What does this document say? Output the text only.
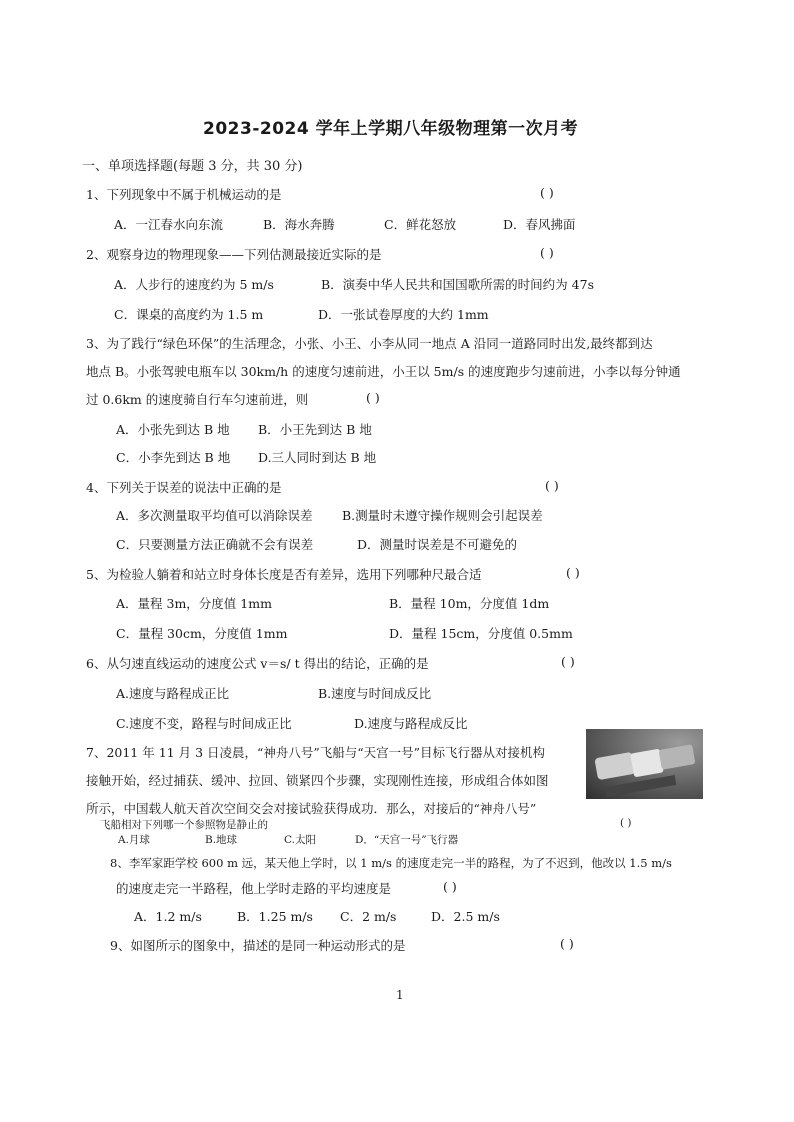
2023-2024 学年上学期八年级物理第一次月考
一、单项选择题(每题 3 分，共 30 分)
1、下列现象中不属于机械运动的是	( )
A．一江春水向东流	B．海水奔腾	C．鲜花怒放	D．春风拂面
2、观察身边的物理现象——下列估测最接近实际的是	( )
A．人步行的速度约为 5 m/s	B．演奏中华人民共和国国歌所需的时间约为 47s
C．课桌的高度约为 1.5 m	D．一张试卷厚度的大约 1mm
3、为了践行“绿色环保”的生活理念，小张、小王、小李从同一地点 A 沿同一道路同时出发,最终都到达
地点 B。小张驾驶电瓶车以 30km/h 的速度匀速前进，小王以 5m/s 的速度跑步匀速前进，小李以每分钟通
过 0.6km 的速度骑自行车匀速前进，则	( )
A．小张先到达 B 地 B．小王先到达 B 地
C．小李先到达 B 地 D.三人同时到达 B 地
4、下列关于误差的说法中正确的是	( )
A．多次测量取平均值可以消除误差 B.测量时未遵守操作规则会引起误差
C．只要测量方法正确就不会有误差	D．测量时误差是不可避免的
5、为检验人躺着和站立时身体长度是否有差异，选用下列哪种尺最合适	( )
A．量程 3m，分度值 1mm	B．量程 10m，分度值 1dm
C．量程 30cm，分度值 1mm	D．量程 15cm，分度值 0.5mm
6、从匀速直线运动的速度公式 v＝s/ t 得出的结论，正确的是	( )
A.速度与路程成正比	B.速度与时间成反比
C.速度不变，路程与时间成正比	D.速度与路程成反比
7、2011 年 11 月 3 日凌晨，“神舟八号”飞船与“天宫一号”目标飞行器从对接机构
接触开始，经过捕获、缓冲、拉回、锁紧四个步骤，实现刚性连接，形成组合体如图
所示，中国载人航天首次空间交会对接试验获得成功．那么，对接后的“神舟八号”
飞船相对下列哪一个参照物是静止的	( )
A.月球	B.地球	C.太阳	D．“天宫一号”飞行器
8、李军家距学校 600 m 远，某天他上学时，以 1 m/s 的速度走完一半的路程，为了不迟到，他改以 1.5 m/s
的速度走完一半路程，他上学时走路的平均速度是	( )
A．1.2 m/s	B．1.25 m/s C．2 m/s	D．2.5 m/s
9、如图所示的图象中，描述的是同一种运动形式的是	( )
1
